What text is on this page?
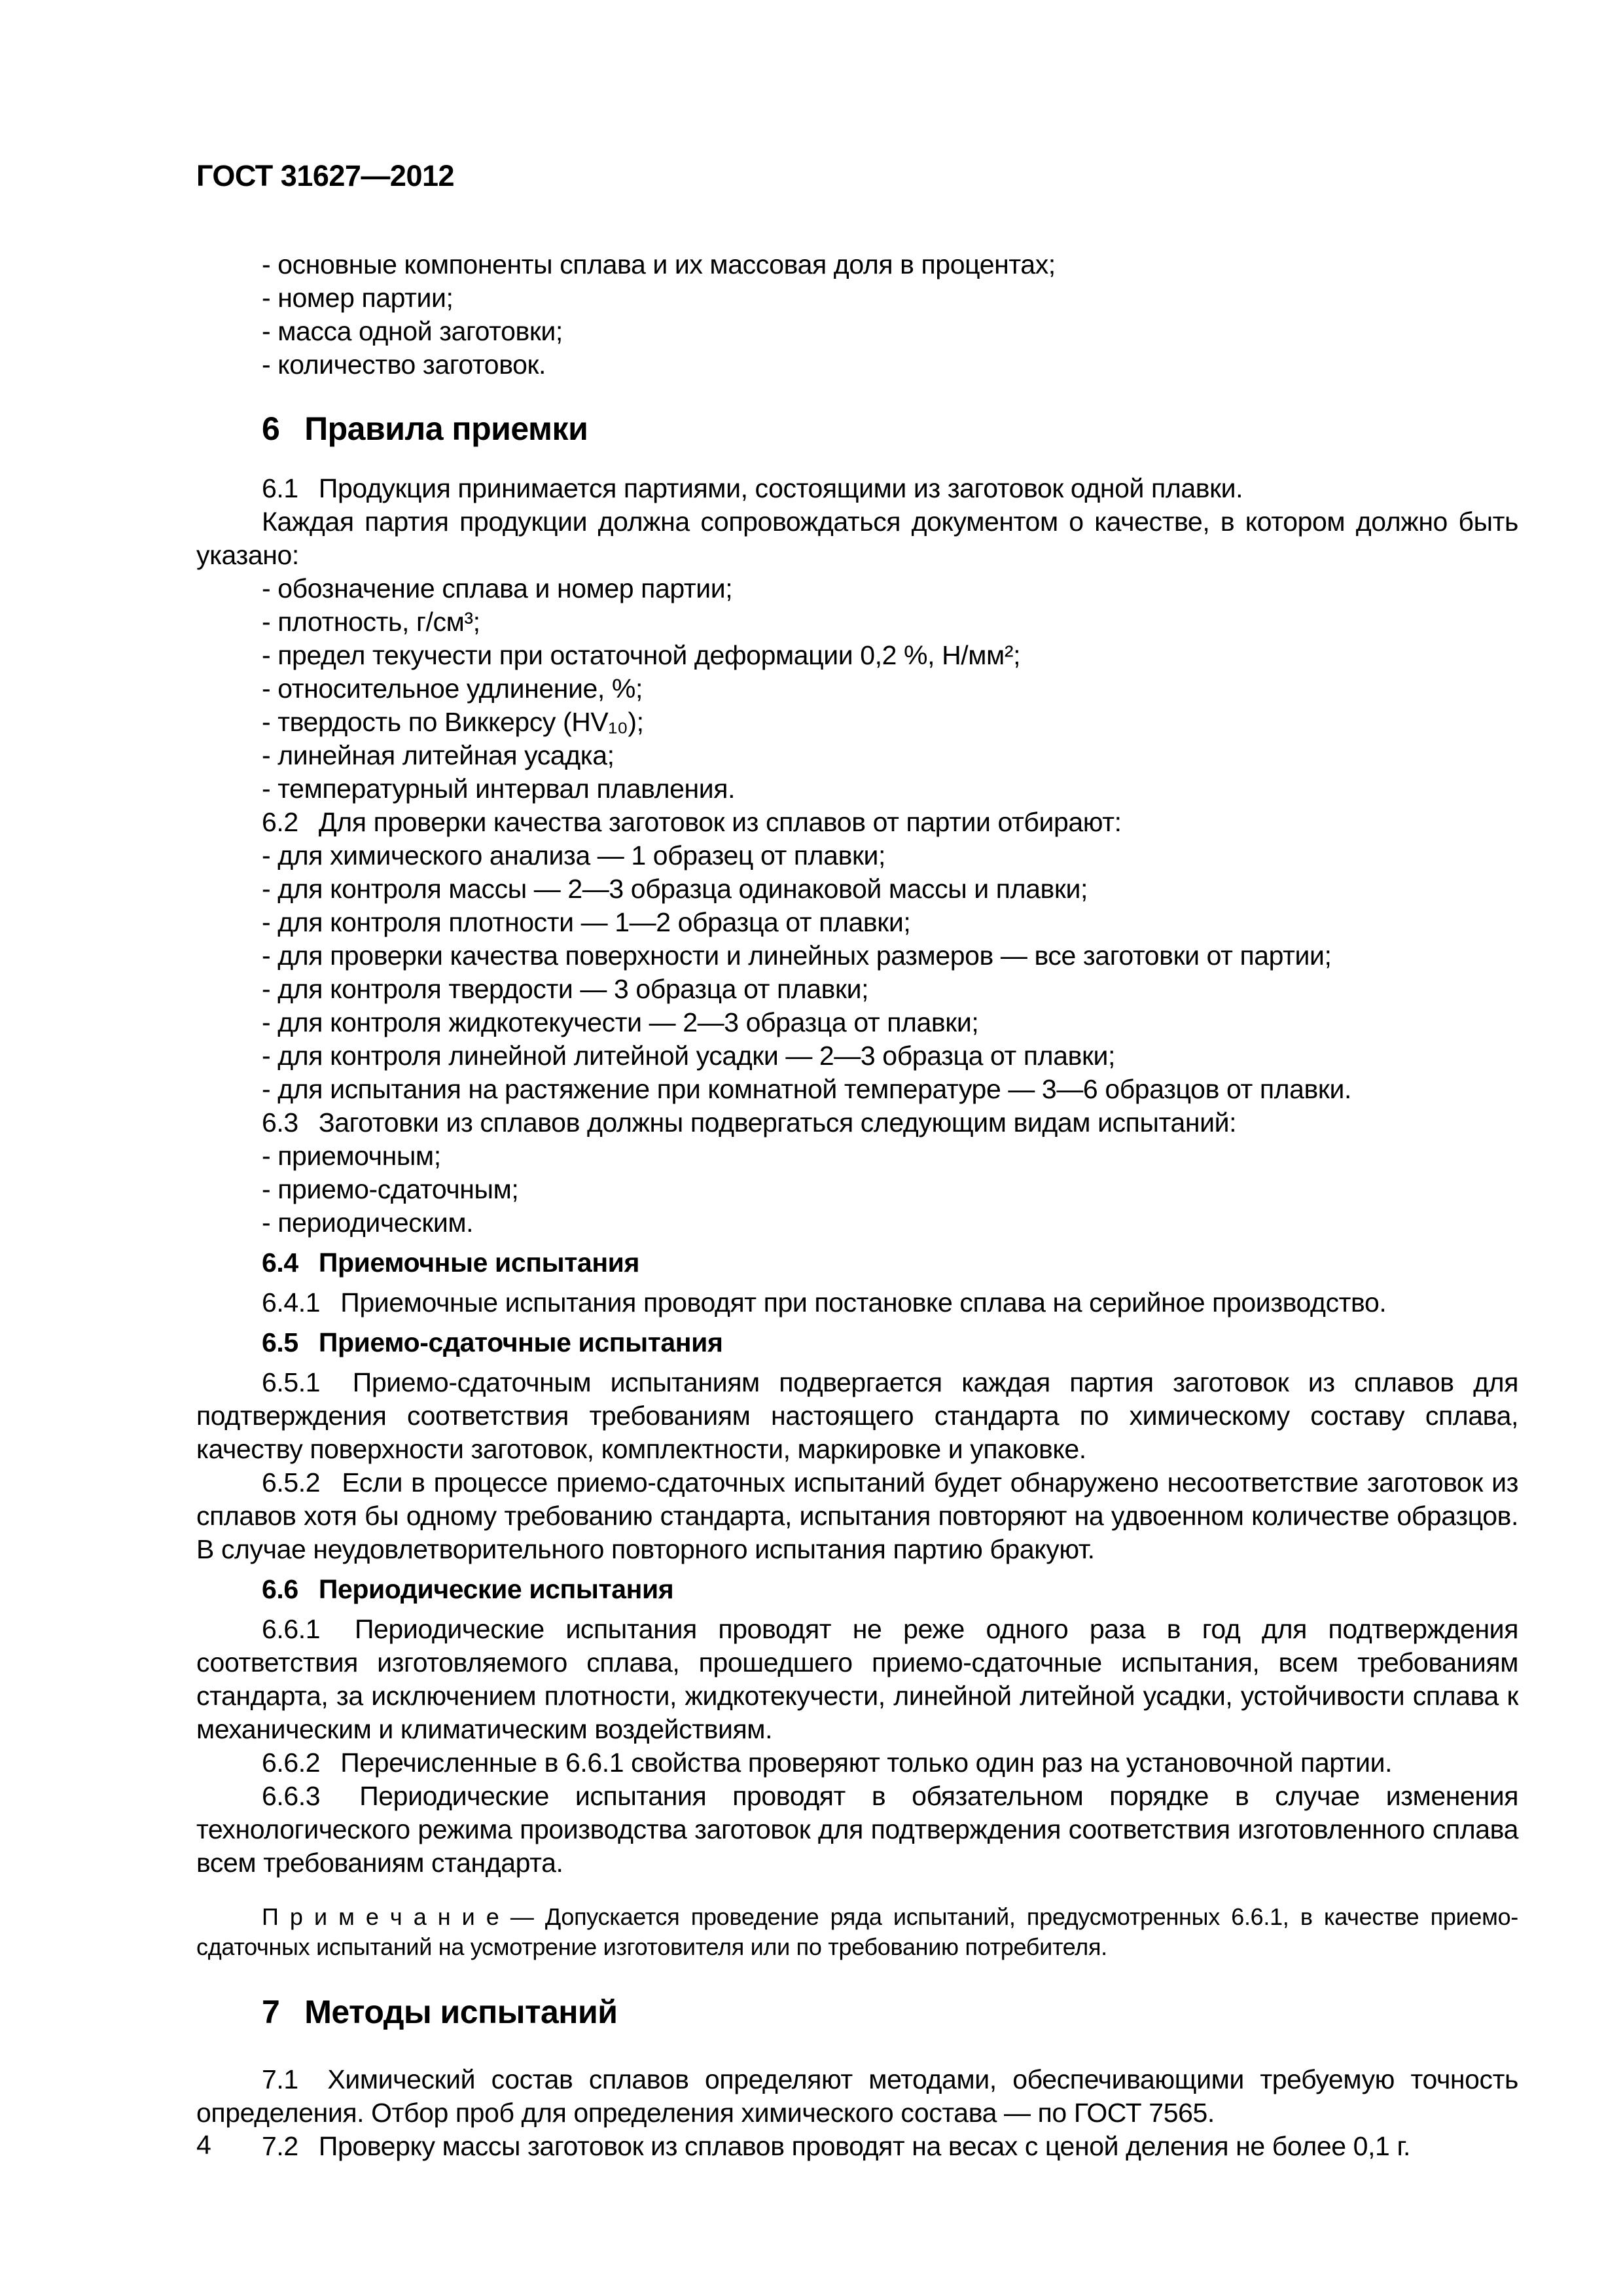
ГОСТ 31627—2012
- основные компоненты сплава и их массовая доля в процентах;
- номер партии;
- масса одной заготовки;
- количество заготовок.
6  Правила приемки

6.1  Продукция принимается партиями, состоящими из заготовок одной плавки.

Каждая партия продукции должна сопровождаться документом о качестве, в котором должно быть указано:

- обозначение сплава и номер партии;
- плотность, г/см³;
- предел текучести при остаточной деформации 0,2 %, Н/мм²;
- относительное удлинение, %;
- твердость по Виккерсу (HV₁₀);
- линейная литейная усадка;
- температурный интервал плавления.

6.2  Для проверки качества заготовок из сплавов от партии отбирают:

- для химического анализа — 1 образец от плавки;
- для контроля массы — 2—3 образца одинаковой массы и плавки;
- для контроля плотности — 1—2 образца от плавки;
- для проверки качества поверхности и линейных размеров — все заготовки от партии;
- для контроля твердости — 3 образца от плавки;
- для контроля жидкотекучести — 2—3 образца от плавки;
- для контроля линейной литейной усадки — 2—3 образца от плавки;
- для испытания на растяжение при комнатной температуре — 3—6 образцов от плавки.

6.3  Заготовки из сплавов должны подвергаться следующим видам испытаний:

- приемочным;
- приемо-сдаточным;
- периодическим.
6.4  Приемочные испытания

6.4.1  Приемочные испытания проводят при постановке сплава на серийное производство.

6.5  Приемо-сдаточные испытания

6.5.1  Приемо-сдаточным испытаниям подвергается каждая партия заготовок из сплавов для подтверждения соответствия требованиям настоящего стандарта по химическому составу сплава, качеству поверхности заготовок, комплектности, маркировке и упаковке.

6.5.2  Если в процессе приемо-сдаточных испытаний будет обнаружено несоответствие заготовок из сплавов хотя бы одному требованию стандарта, испытания повторяют на удвоенном количестве образцов. В случае неудовлетворительного повторного испытания партию бракуют.

6.6  Периодические испытания

6.6.1  Периодические испытания проводят не реже одного раза в год для подтверждения соответствия изготовляемого сплава, прошедшего приемо-сдаточные испытания, всем требованиям стандарта, за исключением плотности, жидкотекучести, линейной литейной усадки, устойчивости сплава к механическим и климатическим воздействиям.

6.6.2  Перечисленные в 6.6.1 свойства проверяют только один раз на установочной партии.

6.6.3  Периодические испытания проводят в обязательном порядке в случае изменения технологического режима производства заготовок для подтверждения соответствия изготовленного сплава всем требованиям стандарта.

П р и м е ч а н и е — Допускается проведение ряда испытаний, предусмотренных 6.6.1, в качестве приемо-сдаточных испытаний на усмотрение изготовителя или по требованию потребителя.

7  Методы испытаний

7.1  Химический состав сплавов определяют методами, обеспечивающими требуемую точность определения. Отбор проб для определения химического состава — по ГОСТ 7565.

7.2  Проверку массы заготовок из сплавов проводят на весах с ценой деления не более 0,1 г.

4
